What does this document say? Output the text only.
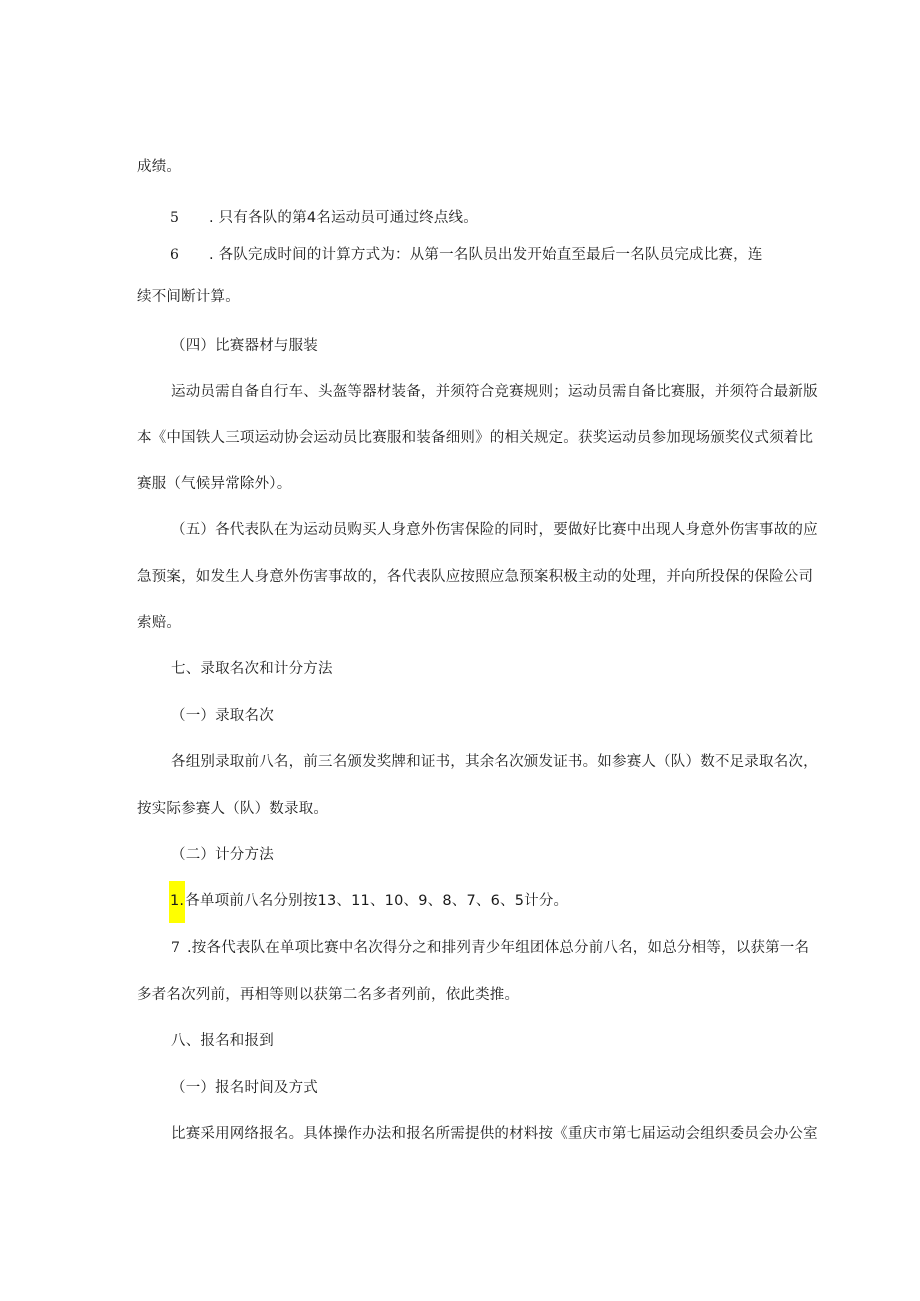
成绩。
5 . 只有各队的第4名运动员可通过终点线。
6 . 各队完成时间的计算方式为：从第一名队员出发开始直至最后一名队员完成比赛，连
续不间断计算。
（四）比赛器材与服装
运动员需自备自行车、头盔等器材装备，并须符合竞赛规则；运动员需自备比赛服，并须符合最新版
本《中国铁人三项运动协会运动员比赛服和装备细则》的相关规定。获奖运动员参加现场颁奖仪式须着比
赛服（气候异常除外）。
（五）各代表队在为运动员购买人身意外伤害保险的同时，要做好比赛中出现人身意外伤害事故的应
急预案，如发生人身意外伤害事故的，各代表队应按照应急预案积极主动的处理，并向所投保的保险公司
索赔。
七、录取名次和计分方法
（一）录取名次
各组别录取前八名，前三名颁发奖牌和证书，其余名次颁发证书。如参赛人（队）数不足录取名次，
按实际参赛人（队）数录取。
（二）计分方法
1.各单项前八名分别按13、11、10、9、8、7、6、5计分。
7 .按各代表队在单项比赛中名次得分之和排列青少年组团体总分前八名，如总分相等，以获第一名
多者名次列前，再相等则以获第二名多者列前，依此类推。
八、报名和报到
（一）报名时间及方式
比赛采用网络报名。具体操作办法和报名所需提供的材料按《重庆市第七届运动会组织委员会办公室
